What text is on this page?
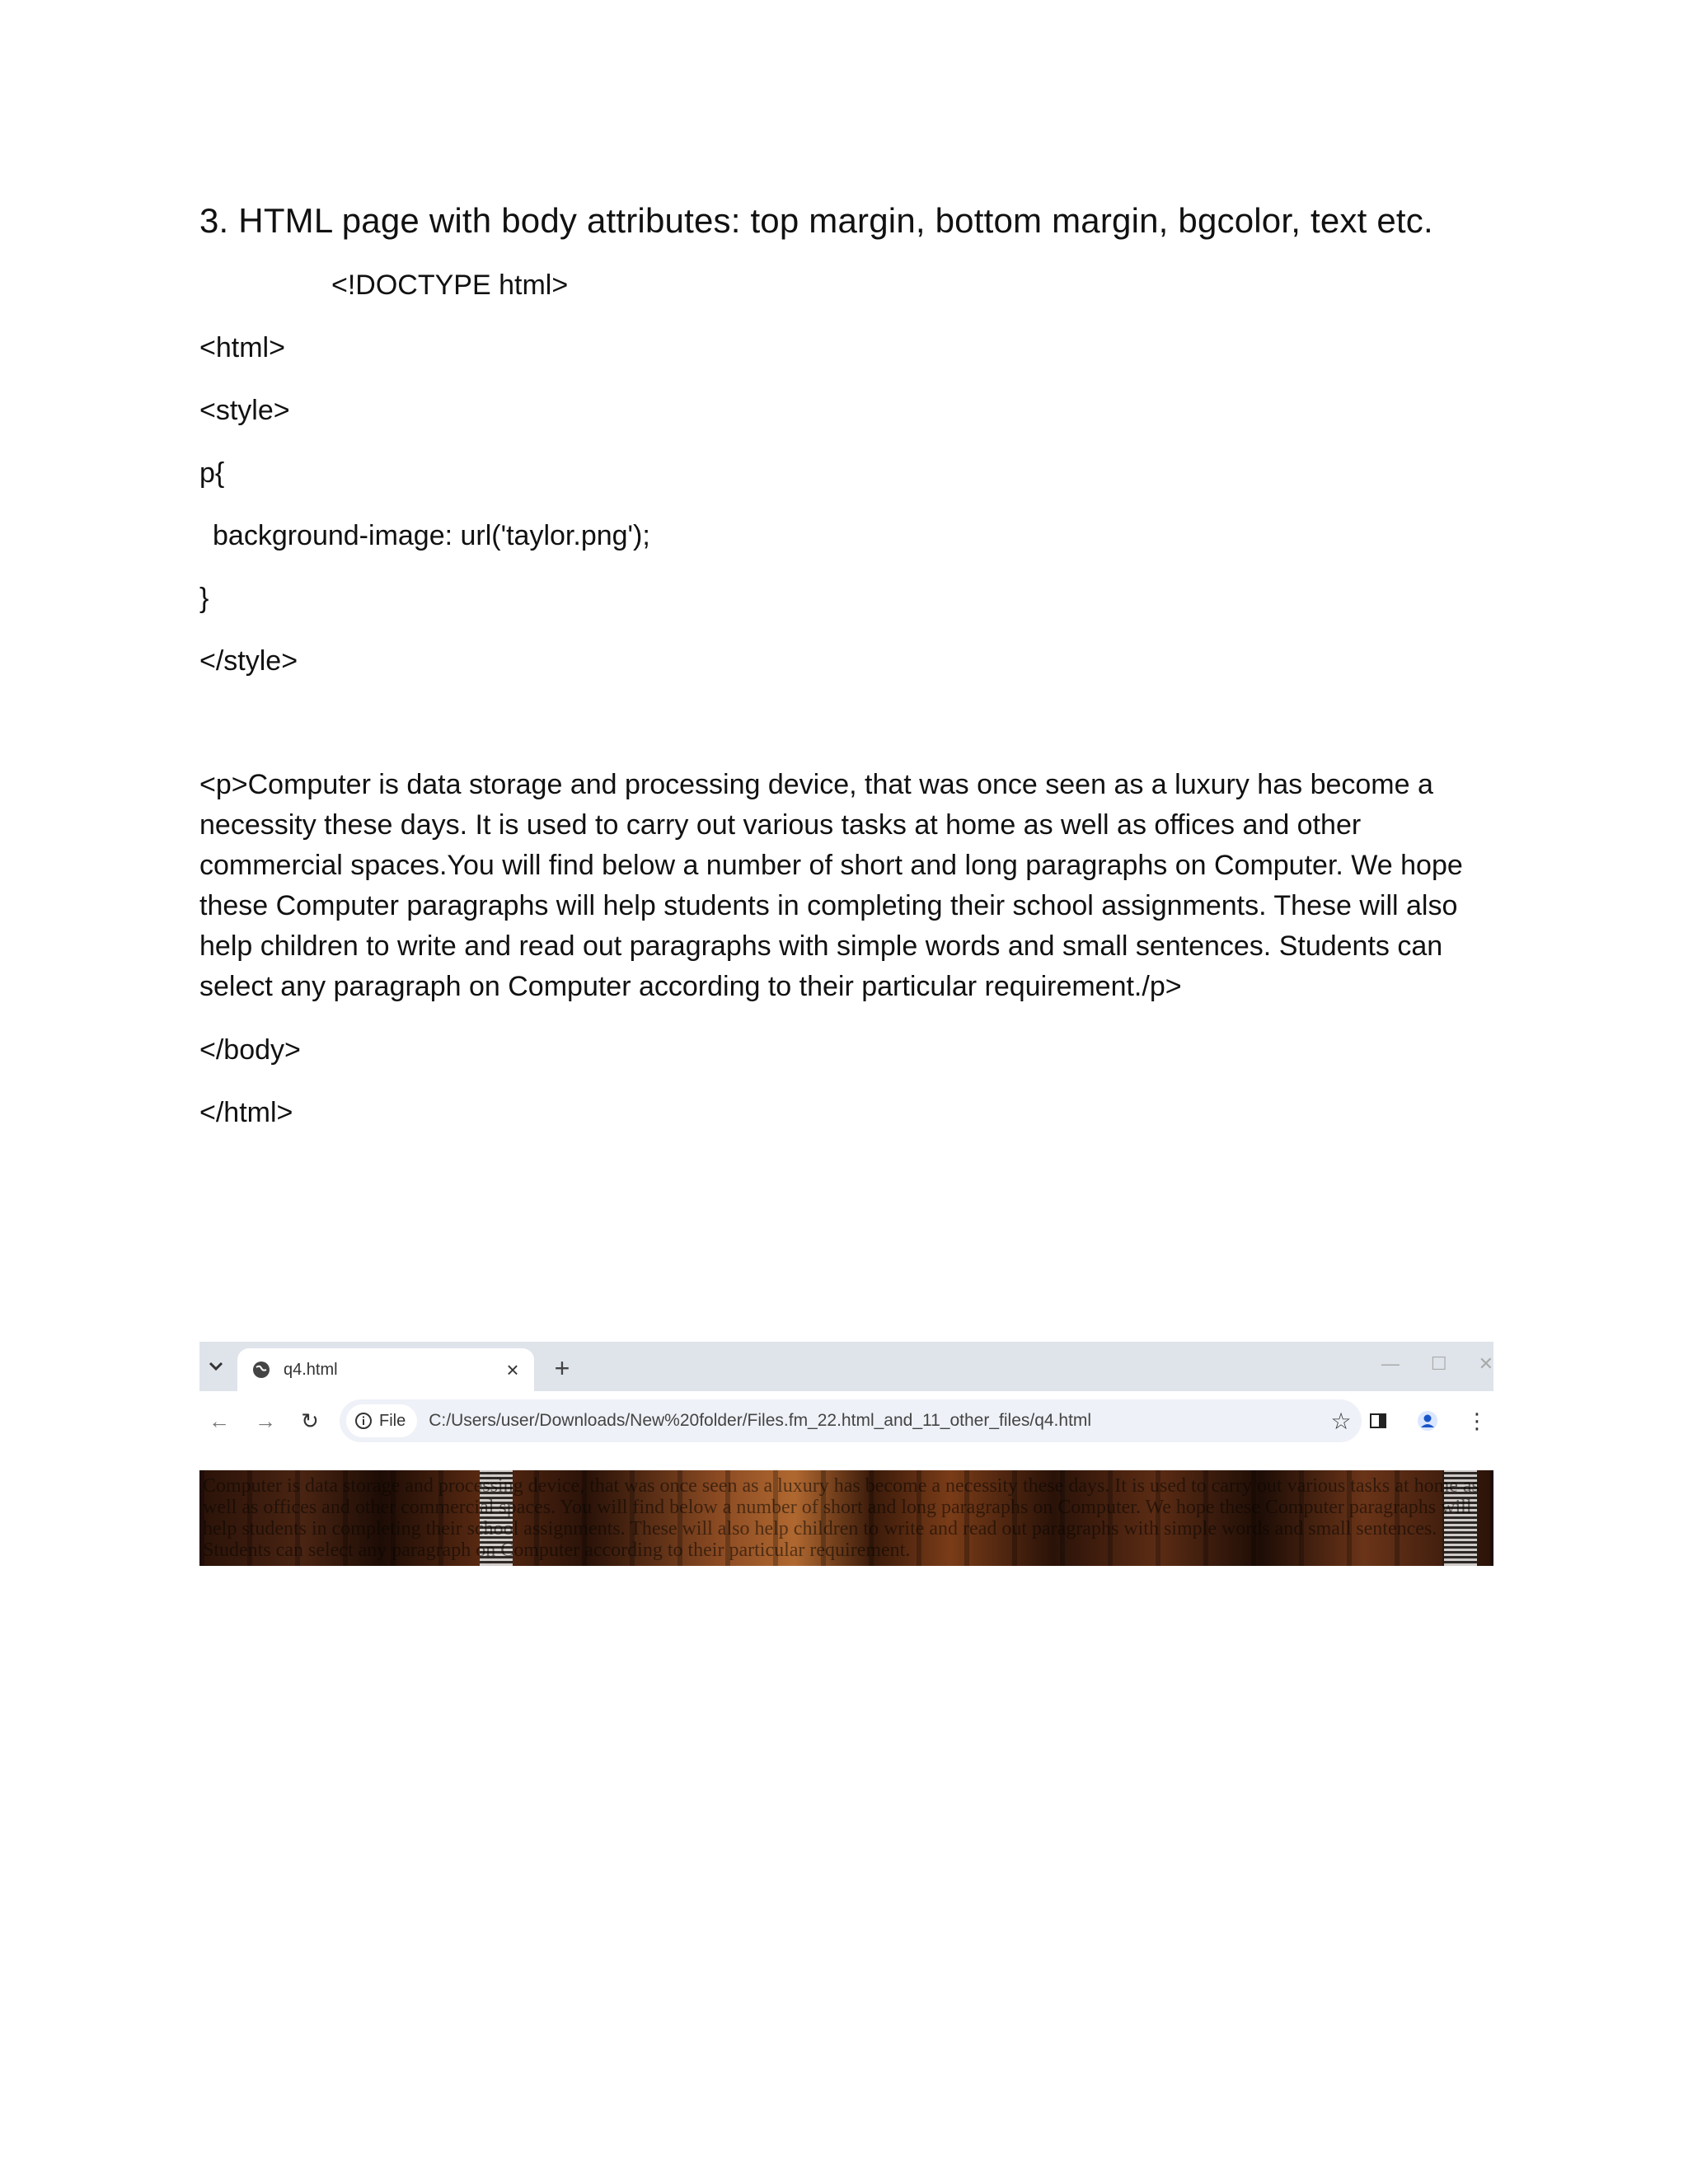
3. HTML page with body attributes: top margin, bottom margin, bgcolor, text etc.
<!DOCTYPE html>
<html>
<style>
p{
background-image: url('taylor.png');
}
</style>
<p>Computer is data storage and processing device, that was once seen as a luxury has become a necessity these days. It is used to carry out various tasks at home as well as offices and other commercial spaces.You will find below a number of short and long paragraphs on Computer. We hope these Computer paragraphs will help students in completing their school assignments. These will also help children to write and read out paragraphs with simple words and small sentences. Students can select any paragraph on Computer according to their particular requirement./p>
</body>
</html>
q4.html	×	+	— ☐ ✕
← →	↻	File C:/Users/user/Downloads/New%20folder/Files.fm_22.html_and_11_other_files/q4.html	☆	⋮
Computer is data storage and processing device, that was once seen as a luxury has become a necessity these days. It is used to carry out various tasks at home as well as offices and other commercial spaces. You will find below a number of short and long paragraphs on Computer. We hope these Computer paragraphs will help students in completing their school assignments. These will also help children to write and read out paragraphs with simple words and small sentences. Students can select any paragraph on Computer according to their particular requirement.
